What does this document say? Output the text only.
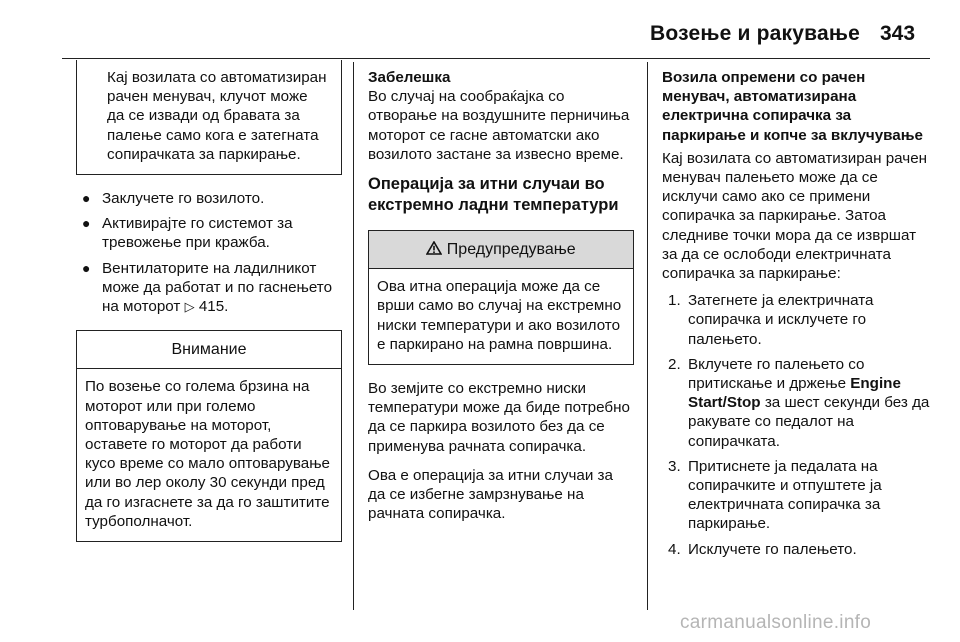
Возење и ракување 343
Кај возилата со автоматизиран рачен менувач, клучот може да се извади од бравата за палење само кога е затегната сопирачката за паркирање.
● Заклучете го возилото.
● Активирајте го системот за тревожење при кражба.
● Вентилаторите на ладилникот може да работат и по гаснењето на моторот ▷ 415.
Внимание
По возење со голема брзина на моторот или при големо оптоварување на моторот, оставете го моторот да работи кусо време со мало оптоварување или во лер околу 30 секунди пред да го изгаснете за да го заштитите турбополначот.
Забелешка
Во случај на сообраќајка со отворање на воздушните перничиња моторот се гасне автоматски ако возилото застане за извесно време.
Операција за итни случаи во екстремно ладни температури
Предупредување
Ова итна операција може да се врши само во случај на екстремно ниски температури и ако возилото е паркирано на рамна површина.
Во земјите со екстремно ниски температури може да биде потребно да се паркира возилото без да се применува рачната сопирачка.
Ова е операција за итни случаи за да се избегне замрзнување на рачната сопирачка.
Возила опремени со рачен менувач, автоматизирана електрична сопирачка за паркирање и копче за вклучување
Кај возилата со автоматизиран рачен менувач палењето може да се исклучи само ако се примени сопирачка за паркирање. Затоа следниве точки мора да се извршат за да се ослободи електричната сопирачка за паркирање:
1. Затегнете ја електричната сопирачка и исклучете го палењето.
2. Вклучете го палењето со притискање и држење Engine Start/Stop за шест секунди без да ракувате со педалот на сопирачката.
3. Притиснете ја педалата на сопирачките и отпуштете ја електричната сопирачка за паркирање.
4. Исклучете го палењето.
carmanualsonline.info
